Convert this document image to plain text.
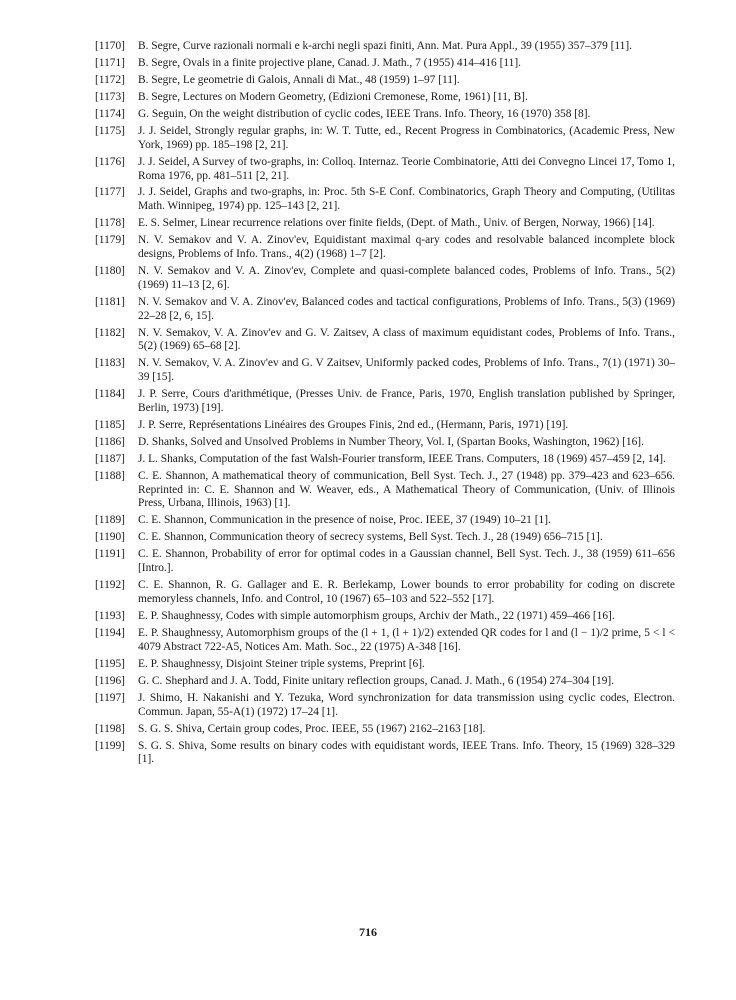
[1170] B. Segre, Curve razionali normali e k-archi negli spazi finiti, Ann. Mat. Pura Appl., 39 (1955) 357–379 [11].
[1171] B. Segre, Ovals in a finite projective plane, Canad. J. Math., 7 (1955) 414–416 [11].
[1172] B. Segre, Le geometrie di Galois, Annali di Mat., 48 (1959) 1–97 [11].
[1173] B. Segre, Lectures on Modern Geometry, (Edizioni Cremonese, Rome, 1961) [11, B].
[1174] G. Seguin, On the weight distribution of cyclic codes, IEEE Trans. Info. Theory, 16 (1970) 358 [8].
[1175] J. J. Seidel, Strongly regular graphs, in: W. T. Tutte, ed., Recent Progress in Combinatorics, (Academic Press, New York, 1969) pp. 185–198 [2, 21].
[1176] J. J. Seidel, A Survey of two-graphs, in: Colloq. Internaz. Teorie Combinatorie, Atti dei Convegno Lincei 17, Tomo 1, Roma 1976, pp. 481–511 [2, 21].
[1177] J. J. Seidel, Graphs and two-graphs, in: Proc. 5th S-E Conf. Combinatorics, Graph Theory and Computing, (Utilitas Math. Winnipeg, 1974) pp. 125–143 [2, 21].
[1178] E. S. Selmer, Linear recurrence relations over finite fields, (Dept. of Math., Univ. of Bergen, Norway, 1966) [14].
[1179] N. V. Semakov and V. A. Zinov'ev, Equidistant maximal q-ary codes and resolvable balanced incomplete block designs, Problems of Info. Trans., 4(2) (1968) 1–7 [2].
[1180] N. V. Semakov and V. A. Zinov'ev, Complete and quasi-complete balanced codes, Problems of Info. Trans., 5(2) (1969) 11–13 [2, 6].
[1181] N. V. Semakov and V. A. Zinov'ev, Balanced codes and tactical configurations, Problems of Info. Trans., 5(3) (1969) 22–28 [2, 6, 15].
[1182] N. V. Semakov, V. A. Zinov'ev and G. V. Zaitsev, A class of maximum equidistant codes, Problems of Info. Trans., 5(2) (1969) 65–68 [2].
[1183] N. V. Semakov, V. A. Zinov'ev and G. V Zaitsev, Uniformly packed codes, Problems of Info. Trans., 7(1) (1971) 30–39 [15].
[1184] J. P. Serre, Cours d'arithmétique, (Presses Univ. de France, Paris, 1970, English translation published by Springer, Berlin, 1973) [19].
[1185] J. P. Serre, Représentations Linéaires des Groupes Finis, 2nd ed., (Hermann, Paris, 1971) [19].
[1186] D. Shanks, Solved and Unsolved Problems in Number Theory, Vol. I, (Spartan Books, Washington, 1962) [16].
[1187] J. L. Shanks, Computation of the fast Walsh-Fourier transform, IEEE Trans. Computers, 18 (1969) 457–459 [2, 14].
[1188] C. E. Shannon, A mathematical theory of communication, Bell Syst. Tech. J., 27 (1948) pp. 379–423 and 623–656. Reprinted in: C. E. Shannon and W. Weaver, eds., A Mathematical Theory of Communication, (Univ. of Illinois Press, Urbana, Illinois, 1963) [1].
[1189] C. E. Shannon, Communication in the presence of noise, Proc. IEEE, 37 (1949) 10–21 [1].
[1190] C. E. Shannon, Communication theory of secrecy systems, Bell Syst. Tech. J., 28 (1949) 656–715 [1].
[1191] C. E. Shannon, Probability of error for optimal codes in a Gaussian channel, Bell Syst. Tech. J., 38 (1959) 611–656 [Intro.].
[1192] C. E. Shannon, R. G. Gallager and E. R. Berlekamp, Lower bounds to error probability for coding on discrete memoryless channels, Info. and Control, 10 (1967) 65–103 and 522–552 [17].
[1193] E. P. Shaughnessy, Codes with simple automorphism groups, Archiv der Math., 22 (1971) 459–466 [16].
[1194] E. P. Shaughnessy, Automorphism groups of the (l + 1, (l + 1)/2) extended QR codes for l and (l − 1)/2 prime, 5 < l < 4079 Abstract 722-A5, Notices Am. Math. Soc., 22 (1975) A-348 [16].
[1195] E. P. Shaughnessy, Disjoint Steiner triple systems, Preprint [6].
[1196] G. C. Shephard and J. A. Todd, Finite unitary reflection groups, Canad. J. Math., 6 (1954) 274–304 [19].
[1197] J. Shimo, H. Nakanishi and Y. Tezuka, Word synchronization for data transmission using cyclic codes, Electron. Commun. Japan, 55-A(1) (1972) 17–24 [1].
[1198] S. G. S. Shiva, Certain group codes, Proc. IEEE, 55 (1967) 2162–2163 [18].
[1199] S. G. S. Shiva, Some results on binary codes with equidistant words, IEEE Trans. Info. Theory, 15 (1969) 328–329 [1].
716
